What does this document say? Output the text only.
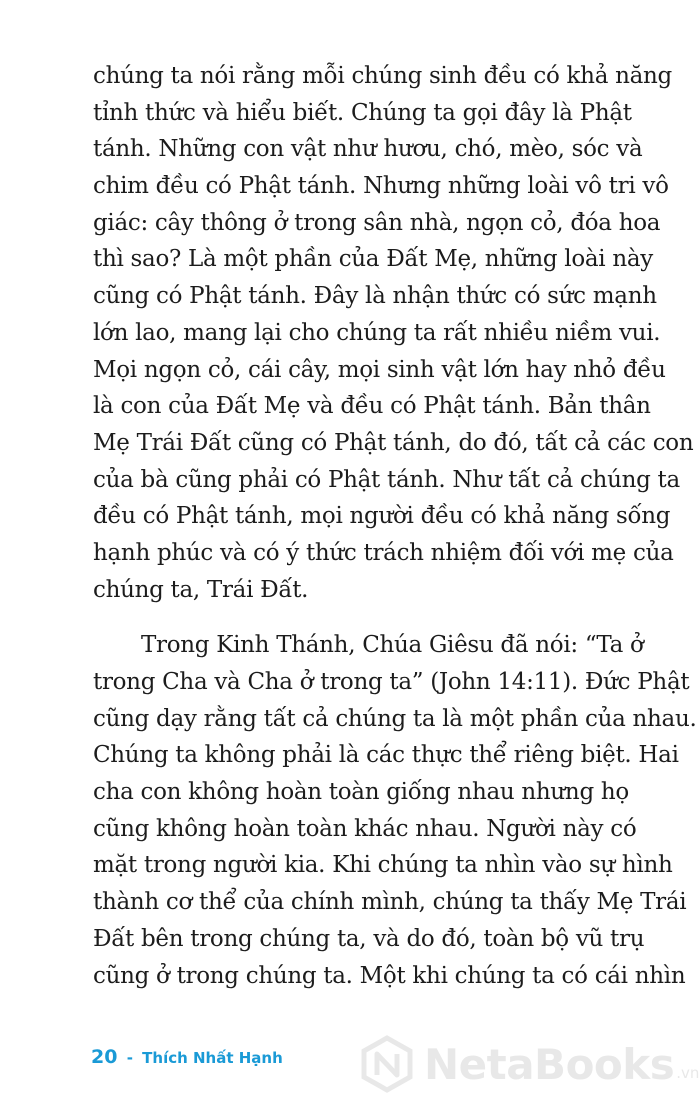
chúng ta nói rằng mỗi chúng sinh đều có khả năng
tỉnh thức và hiểu biết. Chúng ta gọi đây là Phật
tánh. Những con vật như hươu, chó, mèo, sóc và
chim đều có Phật tánh. Nhưng những loài vô tri vô
giác: cây thông ở trong sân nhà, ngọn cỏ, đóa hoa
thì sao? Là một phần của Đất Mẹ, những loài này
cũng có Phật tánh. Đây là nhận thức có sức mạnh
lớn lao, mang lại cho chúng ta rất nhiều niềm vui.
Mọi ngọn cỏ, cái cây, mọi sinh vật lớn hay nhỏ đều
là con của Đất Mẹ và đều có Phật tánh. Bản thân
Mẹ Trái Đất cũng có Phật tánh, do đó, tất cả các con
của bà cũng phải có Phật tánh. Như tất cả chúng ta
đều có Phật tánh, mọi người đều có khả năng sống
hạnh phúc và có ý thức trách nhiệm đối với mẹ của
chúng ta, Trái Đất.
Trong Kinh Thánh, Chúa Giêsu đã nói: “Ta ở
trong Cha và Cha ở trong ta” (John 14:11). Đức Phật
cũng dạy rằng tất cả chúng ta là một phần của nhau.
Chúng ta không phải là các thực thể riêng biệt. Hai
cha con không hoàn toàn giống nhau nhưng họ
cũng không hoàn toàn khác nhau. Người này có
mặt trong người kia. Khi chúng ta nhìn vào sự hình
thành cơ thể của chính mình, chúng ta thấy Mẹ Trái
Đất bên trong chúng ta, và do đó, toàn bộ vũ trụ
cũng ở trong chúng ta. Một khi chúng ta có cái nhìn
20 - Thích Nhất Hạnh	NetaBooks .vn
